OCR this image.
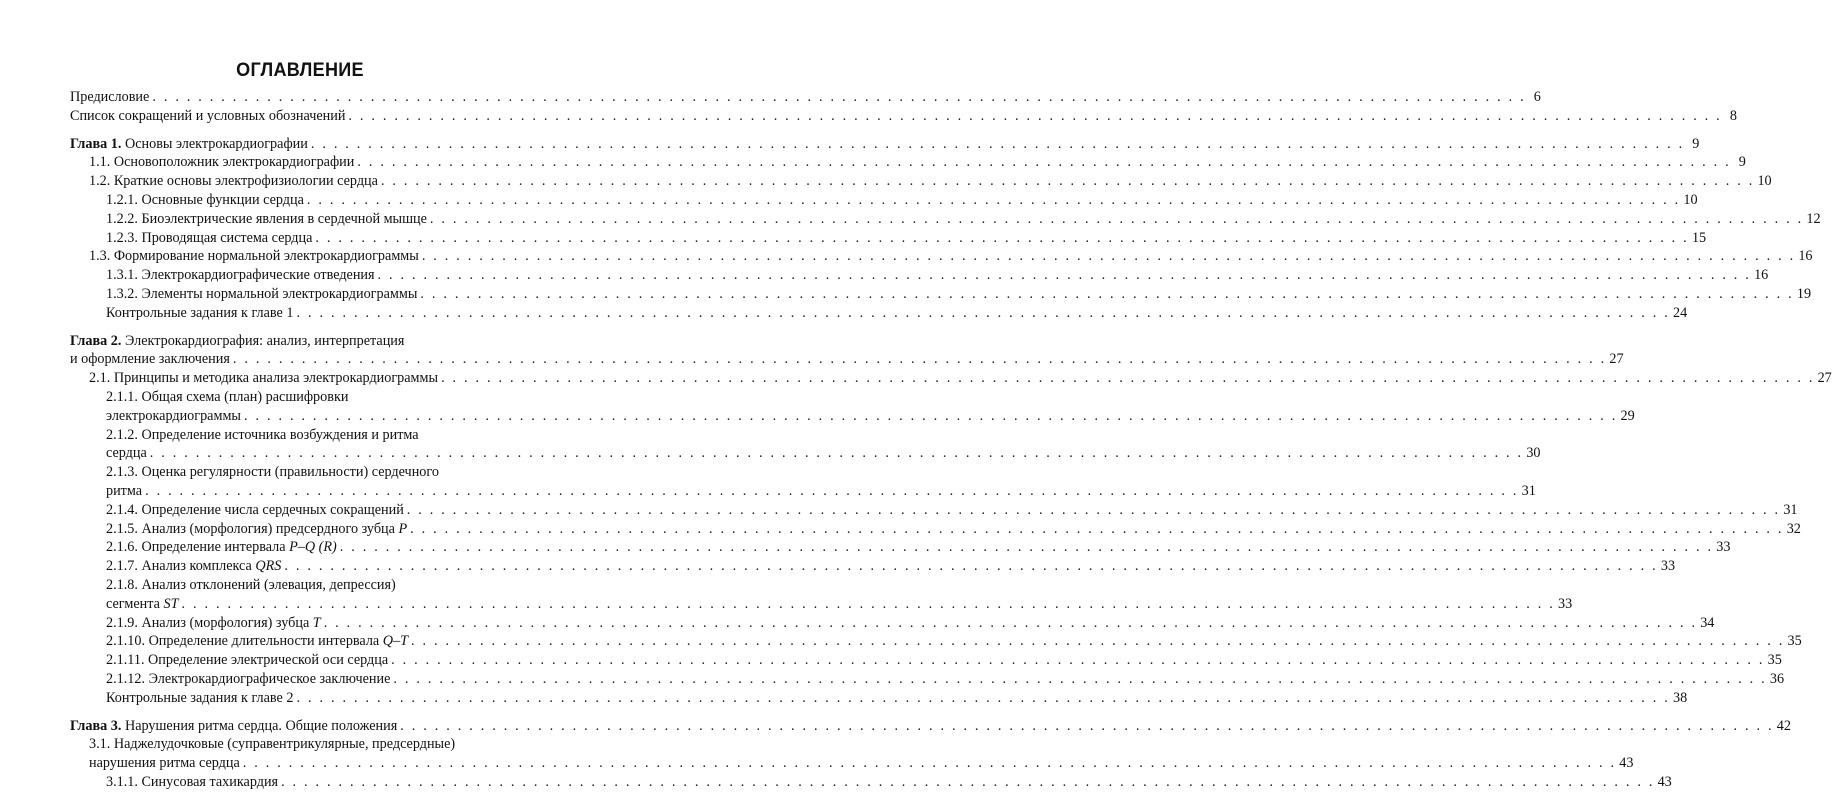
ОГЛАВЛЕНИЕ
Предисловие . . . . . . . . . . . . . . . . . . . . . . . . . . . . . . . . . . . . . . . . . . . . . . . . . . . . . . . . . . . . . . . . . . . . . . . . . . . . . . . . . . . . . . . . . . . . . . . . . . . . . . . . . . . . . . . . . . . . . . . . 6
Список сокращений и условных обозначений . . . . . . . . . . . . . . . . . . . . . . . . . . . . . . . . . . . . . . . . . . . . . . . . . . . . . . . . . . . . . . . . . . . . . . . . . . . . . . . . . . . . . . . . . . . . . . . . . . . . . . . . . . . . . . . . . . . . . . . . 8
Глава 1. Основы электрокардиографии . . . . . . . . . . . . . . . . . . . . . . . . . . . . . . . . . . . . . . . . . . . . . . . . . . . . . . . . . . . . . . . . . . . . . . . . . . . . . . . . . . . . . . . . . . . . . . . . . . . . . . . . . . . . . . . . . . . . . . . . 9
1.1. Основоположник электрокардиографии . . . . . . . . . . . . . . . . . . . . . . . . . . . . . . . . . . . . . . . . . . . . . . . . . . . . . . . . . . . . . . . . . . . . . . . . . . . . . . . . . . . . . . . . . . . . . . . . . . . . . . . . . . . . . . . . . . . . . . . . 9
1.2. Краткие основы электрофизиологии сердца . . . . . . . . . . . . . . . . . . . . . . . . . . . . . . . . . . . . . . . . . . . . . . . . . . . . . . . . . . . . . . . . . . . . . . . . . . . . . . . . . . . . . . . . . . . . . . . . . . . . . . . . . . . . . . . . . . . . . . . . 10
1.2.1. Основные функции сердца . . . . . . . . . . . . . . . . . . . . . . . . . . . . . . . . . . . . . . . . . . . . . . . . . . . . . . . . . . . . . . . . . . . . . . . . . . . . . . . . . . . . . . . . . . . . . . . . . . . . . . . . . . . . . . . . . . . . . . . . 10
1.2.2. Биоэлектрические явления в сердечной мышце . . . . . . . . . . . . . . . . . . . . . . . . . . . . . . . . . . . . . . . . . . . . . . . . . . . . . . . . . . . . . . . . . . . . . . . . . . . . . . . . . . . . . . . . . . . . . . . . . . . . . . . . . . . . . . . . . . . . . . . . 12
1.2.3. Проводящая система сердца . . . . . . . . . . . . . . . . . . . . . . . . . . . . . . . . . . . . . . . . . . . . . . . . . . . . . . . . . . . . . . . . . . . . . . . . . . . . . . . . . . . . . . . . . . . . . . . . . . . . . . . . . . . . . . . . . . . . . . . . 15
1.3. Формирование нормальной электрокардиограммы . . . . . . . . . . . . . . . . . . . . . . . . . . . . . . . . . . . . . . . . . . . . . . . . . . . . . . . . . . . . . . . . . . . . . . . . . . . . . . . . . . . . . . . . . . . . . . . . . . . . . . . . . . . . . . . . . . . . . . . . 16
1.3.1. Электрокардиографические отведения . . . . . . . . . . . . . . . . . . . . . . . . . . . . . . . . . . . . . . . . . . . . . . . . . . . . . . . . . . . . . . . . . . . . . . . . . . . . . . . . . . . . . . . . . . . . . . . . . . . . . . . . . . . . . . . . . . . . . . . . 16
1.3.2. Элементы нормальной электрокардиограммы . . . . . . . . . . . . . . . . . . . . . . . . . . . . . . . . . . . . . . . . . . . . . . . . . . . . . . . . . . . . . . . . . . . . . . . . . . . . . . . . . . . . . . . . . . . . . . . . . . . . . . . . . . . . . . . . . . . . . . . . 19
Контрольные задания к главе 1 . . . . . . . . . . . . . . . . . . . . . . . . . . . . . . . . . . . . . . . . . . . . . . . . . . . . . . . . . . . . . . . . . . . . . . . . . . . . . . . . . . . . . . . . . . . . . . . . . . . . . . . . . . . . . . . . . . . . . . . . 24
Глава 2. Электрокардиография: анализ, интерпретация
и оформление заключения . . . . . . . . . . . . . . . . . . . . . . . . . . . . . . . . . . . . . . . . . . . . . . . . . . . . . . . . . . . . . . . . . . . . . . . . . . . . . . . . . . . . . . . . . . . . . . . . . . . . . . . . . . . . . . . . . . . . . . . . 27
2.1. Принципы и методика анализа электрокардиограммы . . . . . . . . . . . . . . . . . . . . . . . . . . . . . . . . . . . . . . . . . . . . . . . . . . . . . . . . . . . . . . . . . . . . . . . . . . . . . . . . . . . . . . . . . . . . . . . . . . . . . . . . . . . . . . . . . . . . . . . . 27
2.1.1. Общая схема (план) расшифровки
электрокардиограммы . . . . . . . . . . . . . . . . . . . . . . . . . . . . . . . . . . . . . . . . . . . . . . . . . . . . . . . . . . . . . . . . . . . . . . . . . . . . . . . . . . . . . . . . . . . . . . . . . . . . . . . . . . . . . . . . . . . . . . . . 29
2.1.2. Определение источника возбуждения и ритма
сердца . . . . . . . . . . . . . . . . . . . . . . . . . . . . . . . . . . . . . . . . . . . . . . . . . . . . . . . . . . . . . . . . . . . . . . . . . . . . . . . . . . . . . . . . . . . . . . . . . . . . . . . . . . . . . . . . . . . . . . . . 30
2.1.3. Оценка регулярности (правильности) сердечного
ритма . . . . . . . . . . . . . . . . . . . . . . . . . . . . . . . . . . . . . . . . . . . . . . . . . . . . . . . . . . . . . . . . . . . . . . . . . . . . . . . . . . . . . . . . . . . . . . . . . . . . . . . . . . . . . . . . . . . . . . . . 31
2.1.4. Определение числа сердечных сокращений . . . . . . . . . . . . . . . . . . . . . . . . . . . . . . . . . . . . . . . . . . . . . . . . . . . . . . . . . . . . . . . . . . . . . . . . . . . . . . . . . . . . . . . . . . . . . . . . . . . . . . . . . . . . . . . . . . . . . . . . 31
2.1.5. Анализ (морфология) предсердного зубца P . . . . . . . . . . . . . . . . . . . . . . . . . . . . . . . . . . . . . . . . . . . . . . . . . . . . . . . . . . . . . . . . . . . . . . . . . . . . . . . . . . . . . . . . . . . . . . . . . . . . . . . . . . . . . . . . . . . . . . . . 32
2.1.6. Определение интервала P–Q (R) . . . . . . . . . . . . . . . . . . . . . . . . . . . . . . . . . . . . . . . . . . . . . . . . . . . . . . . . . . . . . . . . . . . . . . . . . . . . . . . . . . . . . . . . . . . . . . . . . . . . . . . . . . . . . . . . . . . . . . . . 33
2.1.7. Анализ комплекса QRS . . . . . . . . . . . . . . . . . . . . . . . . . . . . . . . . . . . . . . . . . . . . . . . . . . . . . . . . . . . . . . . . . . . . . . . . . . . . . . . . . . . . . . . . . . . . . . . . . . . . . . . . . . . . . . . . . . . . . . . . 33
2.1.8. Анализ отклонений (элевация, депрессия)
сегмента ST . . . . . . . . . . . . . . . . . . . . . . . . . . . . . . . . . . . . . . . . . . . . . . . . . . . . . . . . . . . . . . . . . . . . . . . . . . . . . . . . . . . . . . . . . . . . . . . . . . . . . . . . . . . . . . . . . . . . . . . . 33
2.1.9. Анализ (морфология) зубца T . . . . . . . . . . . . . . . . . . . . . . . . . . . . . . . . . . . . . . . . . . . . . . . . . . . . . . . . . . . . . . . . . . . . . . . . . . . . . . . . . . . . . . . . . . . . . . . . . . . . . . . . . . . . . . . . . . . . . . . . 34
2.1.10. Определение длительности интервала Q–T . . . . . . . . . . . . . . . . . . . . . . . . . . . . . . . . . . . . . . . . . . . . . . . . . . . . . . . . . . . . . . . . . . . . . . . . . . . . . . . . . . . . . . . . . . . . . . . . . . . . . . . . . . . . . . . . . . . . . . . . 35
2.1.11. Определение электрической оси сердца . . . . . . . . . . . . . . . . . . . . . . . . . . . . . . . . . . . . . . . . . . . . . . . . . . . . . . . . . . . . . . . . . . . . . . . . . . . . . . . . . . . . . . . . . . . . . . . . . . . . . . . . . . . . . . . . . . . . . . . . 35
2.1.12. Электрокардиографическое заключение . . . . . . . . . . . . . . . . . . . . . . . . . . . . . . . . . . . . . . . . . . . . . . . . . . . . . . . . . . . . . . . . . . . . . . . . . . . . . . . . . . . . . . . . . . . . . . . . . . . . . . . . . . . . . . . . . . . . . . . . 36
Контрольные задания к главе 2 . . . . . . . . . . . . . . . . . . . . . . . . . . . . . . . . . . . . . . . . . . . . . . . . . . . . . . . . . . . . . . . . . . . . . . . . . . . . . . . . . . . . . . . . . . . . . . . . . . . . . . . . . . . . . . . . . . . . . . . . 38
Глава 3. Нарушения ритма сердца. Общие положения . . . . . . . . . . . . . . . . . . . . . . . . . . . . . . . . . . . . . . . . . . . . . . . . . . . . . . . . . . . . . . . . . . . . . . . . . . . . . . . . . . . . . . . . . . . . . . . . . . . . . . . . . . . . . . . . . . . . . . . . 42
3.1. Наджелудочковые (суправентрикулярные, предсердные)
нарушения ритма сердца . . . . . . . . . . . . . . . . . . . . . . . . . . . . . . . . . . . . . . . . . . . . . . . . . . . . . . . . . . . . . . . . . . . . . . . . . . . . . . . . . . . . . . . . . . . . . . . . . . . . . . . . . . . . . . . . . . . . . . . . 43
3.1.1. Синусовая тахикардия . . . . . . . . . . . . . . . . . . . . . . . . . . . . . . . . . . . . . . . . . . . . . . . . . . . . . . . . . . . . . . . . . . . . . . . . . . . . . . . . . . . . . . . . . . . . . . . . . . . . . . . . . . . . . . . . . . . . . . . . 43
